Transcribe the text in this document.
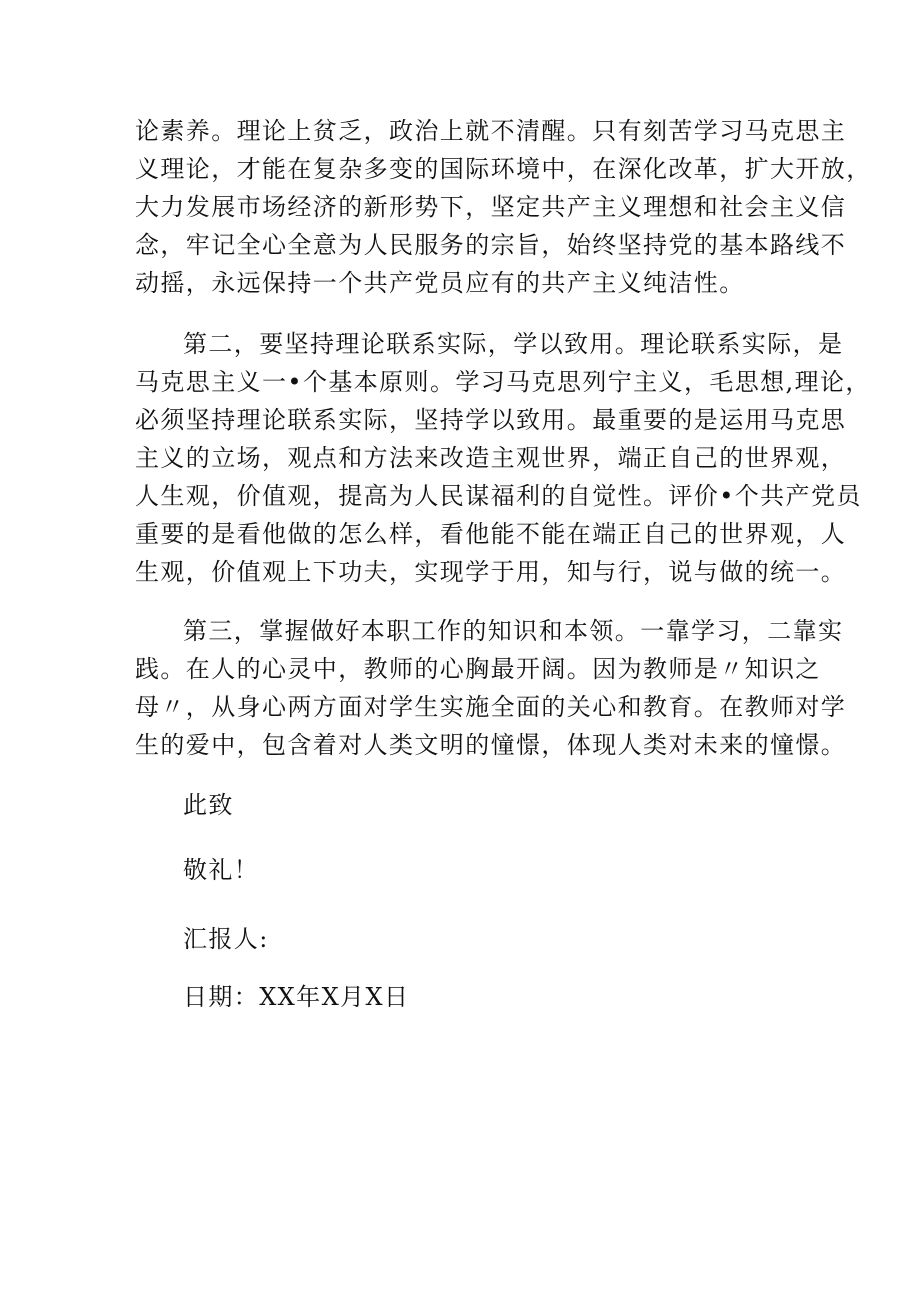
论素养。理论上贫乏，政治上就不清醒。只有刻苦学习马克思主
义理论，才能在复杂多变的国际环境中，在深化改革，扩大开放，
大力发展市场经济的新形势下，坚定共产主义理想和社会主义信
念，牢记全心全意为人民服务的宗旨，始终坚持党的基本路线不
动摇，永远保持一个共产党员应有的共产主义纯洁性。
第二，要坚持理论联系实际，学以致用。理论联系实际，是
马克思主义一•个基本原则。学习马克思列宁主义，毛思想,理论，
必须坚持理论联系实际，坚持学以致用。最重要的是运用马克思
主义的立场，观点和方法来改造主观世界，端正自己的世界观，
人生观，价值观，提高为人民谋福利的自觉性。评价•个共产党员
重要的是看他做的怎么样，看他能不能在端正自己的世界观，人
生观，价值观上下功夫，实现学于用，知与行，说与做的统一。
第三，掌握做好本职工作的知识和本领。一靠学习，二靠实
践。在人的心灵中，教师的心胸最开阔。因为教师是〃知识之
母〃，从身心两方面对学生实施全面的关心和教育。在教师对学
生的爱中，包含着对人类文明的憧憬，体现人类对未来的憧憬。
此致
敬礼！
汇报人:
日期：XX年X月X日
